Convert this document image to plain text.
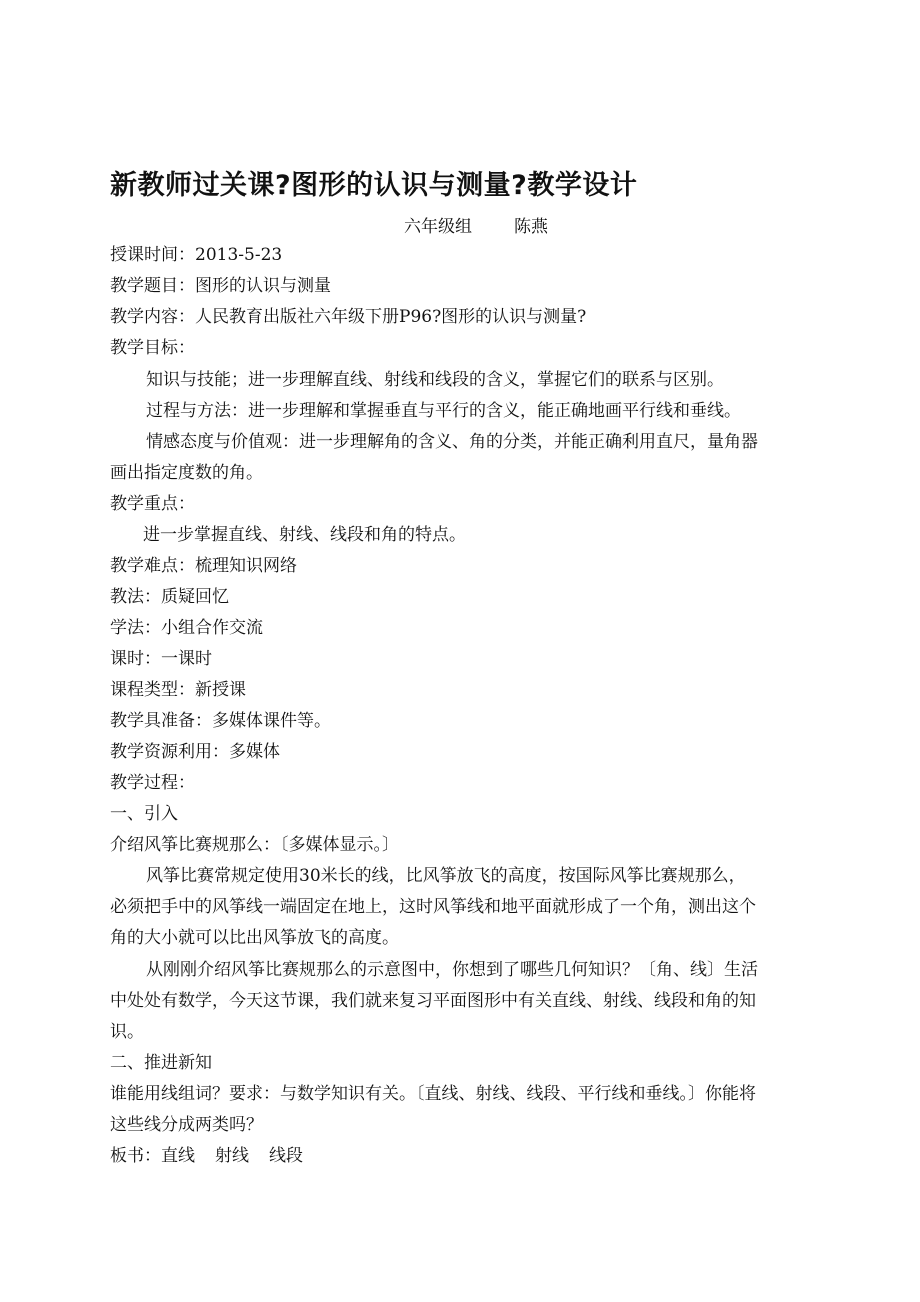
新教师过关课?图形的认识与测量?教学设计
六年级组 陈燕
授课时间：2013-5-23
教学题目：图形的认识与测量
教学内容：人民教育出版社六年级下册P96?图形的认识与测量?
教学目标：
知识与技能；进一步理解直线、射线和线段的含义，掌握它们的联系与区别。
过程与方法：进一步理解和掌握垂直与平行的含义，能正确地画平行线和垂线。
情感态度与价值观：进一步理解角的含义、角的分类，并能正确利用直尺，量角器
画出指定度数的角。
教学重点：
进一步掌握直线、射线、线段和角的特点。
教学难点：梳理知识网络
教法：质疑回忆
学法：小组合作交流
课时：一课时
课程类型：新授课
教学具准备：多媒体课件等。
教学资源利用：多媒体
教学过程：
一、引入
介绍风筝比赛规那么：〔多媒体显示。〕
风筝比赛常规定使用30米长的线，比风筝放飞的高度，按国际风筝比赛规那么，
必须把手中的风筝线一端固定在地上，这时风筝线和地平面就形成了一个角，测出这个
角的大小就可以比出风筝放飞的高度。
从刚刚介绍风筝比赛规那么的示意图中，你想到了哪些几何知识？〔角、线〕生活
中处处有数学，今天这节课，我们就来复习平面图形中有关直线、射线、线段和角的知
识。
二、推进新知
谁能用线组词？要求：与数学知识有关。〔直线、射线、线段、平行线和垂线。〕你能将
这些线分成两类吗？
板书：直线 射线 线段
